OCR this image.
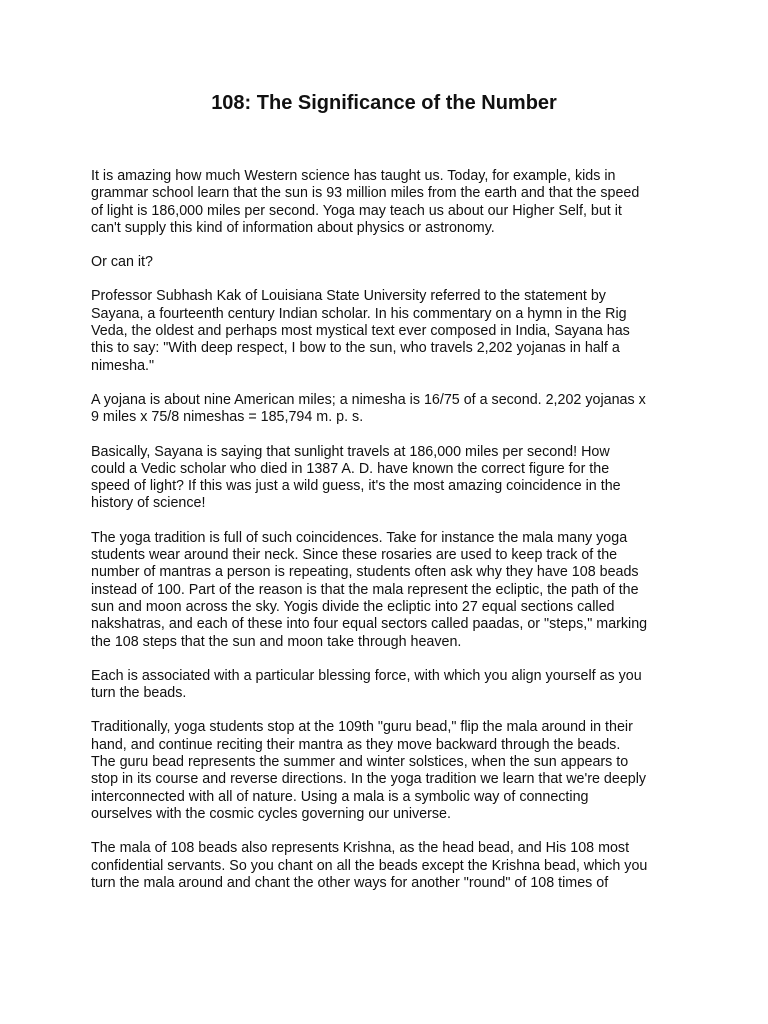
108: The Significance of the Number

It is amazing how much Western science has taught us. Today, for example, kids in
grammar school learn that the sun is 93 million miles from the earth and that the speed
of light is 186,000 miles per second. Yoga may teach us about our Higher Self, but it
can't supply this kind of information about physics or astronomy.

Or can it?

Professor Subhash Kak of Louisiana State University referred to the statement by
Sayana, a fourteenth century Indian scholar. In his commentary on a hymn in the Rig
Veda, the oldest and perhaps most mystical text ever composed in India, Sayana has
this to say: "With deep respect, I bow to the sun, who travels 2,202 yojanas in half a
nimesha."

A yojana is about nine American miles; a nimesha is 16/75 of a second. 2,202 yojanas x
9 miles x 75/8 nimeshas = 185,794 m. p. s.

Basically, Sayana is saying that sunlight travels at 186,000 miles per second! How
could a Vedic scholar who died in 1387 A. D. have known the correct figure for the
speed of light? If this was just a wild guess, it's the most amazing coincidence in the
history of science!

The yoga tradition is full of such coincidences. Take for instance the mala many yoga
students wear around their neck. Since these rosaries are used to keep track of the
number of mantras a person is repeating, students often ask why they have 108 beads
instead of 100. Part of the reason is that the mala represent the ecliptic, the path of the
sun and moon across the sky. Yogis divide the ecliptic into 27 equal sections called
nakshatras, and each of these into four equal sectors called paadas, or "steps," marking
the 108 steps that the sun and moon take through heaven.

Each is associated with a particular blessing force, with which you align yourself as you
turn the beads.

Traditionally, yoga students stop at the 109th "guru bead," flip the mala around in their
hand, and continue reciting their mantra as they move backward through the beads.
The guru bead represents the summer and winter solstices, when the sun appears to
stop in its course and reverse directions. In the yoga tradition we learn that we're deeply
interconnected with all of nature. Using a mala is a symbolic way of connecting
ourselves with the cosmic cycles governing our universe.

The mala of 108 beads also represents Krishna, as the head bead, and His 108 most
confidential servants. So you chant on all the beads except the Krishna bead, which you
turn the mala around and chant the other ways for another "round" of 108 times of
